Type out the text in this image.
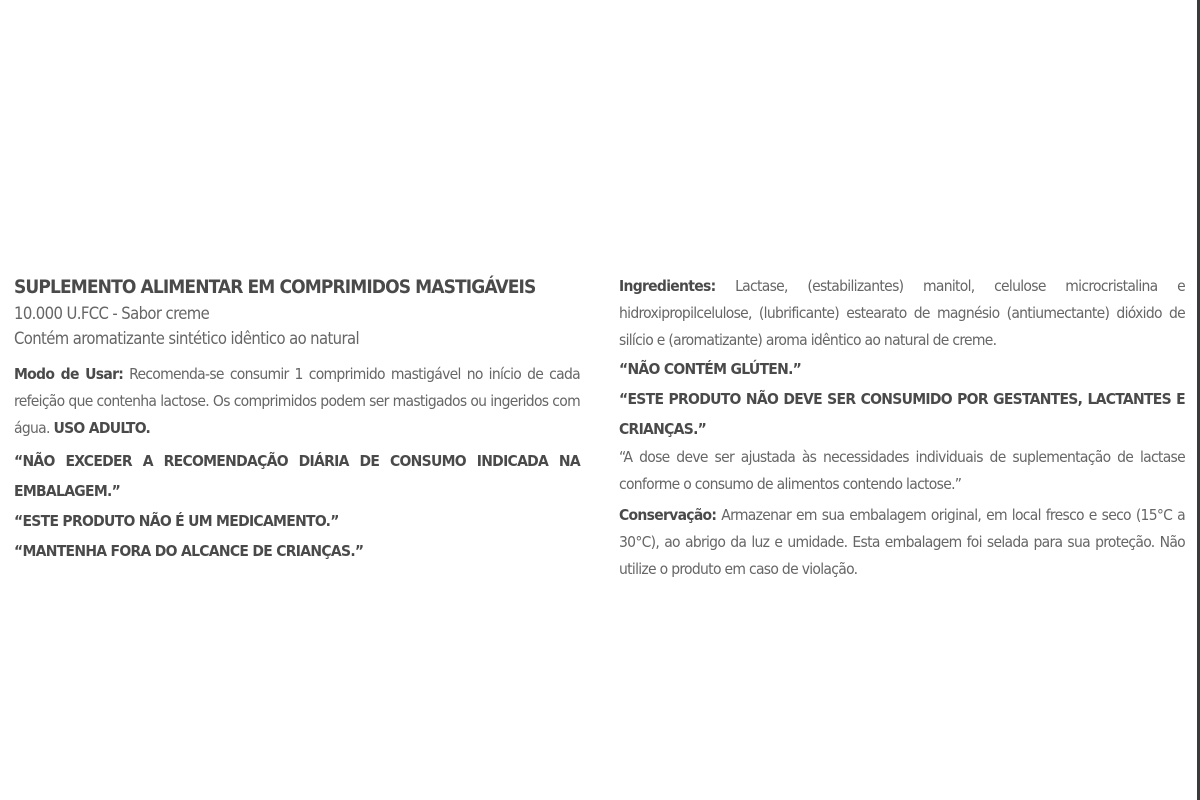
SUPLEMENTO ALIMENTAR EM COMPRIMIDOS MASTIGÁVEIS

10.000 U.FCC - Sabor creme

Contém aromatizante sintético idêntico ao natural

Modo de Usar: Recomenda-se consumir 1 comprimido mastigável no início de cada refeição que contenha lactose. Os comprimidos podem ser mastigados ou ingeridos com água. USO ADULTO.

“NÃO EXCEDER A RECOMENDAÇÃO DIÁRIA DE CONSUMO INDICADA NA EMBALAGEM.”

“ESTE PRODUTO NÃO É UM MEDICAMENTO.”

“MANTENHA FORA DO ALCANCE DE CRIANÇAS.”

Ingredientes: Lactase, (estabilizantes) manitol, celulose microcristalina e hidroxipropilcelulose, (lubrificante) estearato de magnésio (antiumectante) dióxido de silício e (aromatizante) aroma idêntico ao natural de creme.

“NÃO CONTÉM GLÚTEN.”

“ESTE PRODUTO NÃO DEVE SER CONSUMIDO POR GESTANTES, LACTANTES E CRIANÇAS.”

“A dose deve ser ajustada às necessidades individuais de suplementação de lactase conforme o consumo de alimentos contendo lactose.”

Conservação: Armazenar em sua embalagem original, em local fresco e seco (15°C a 30°C), ao abrigo da luz e umidade. Esta embalagem foi selada para sua proteção. Não utilize o produto em caso de violação.
